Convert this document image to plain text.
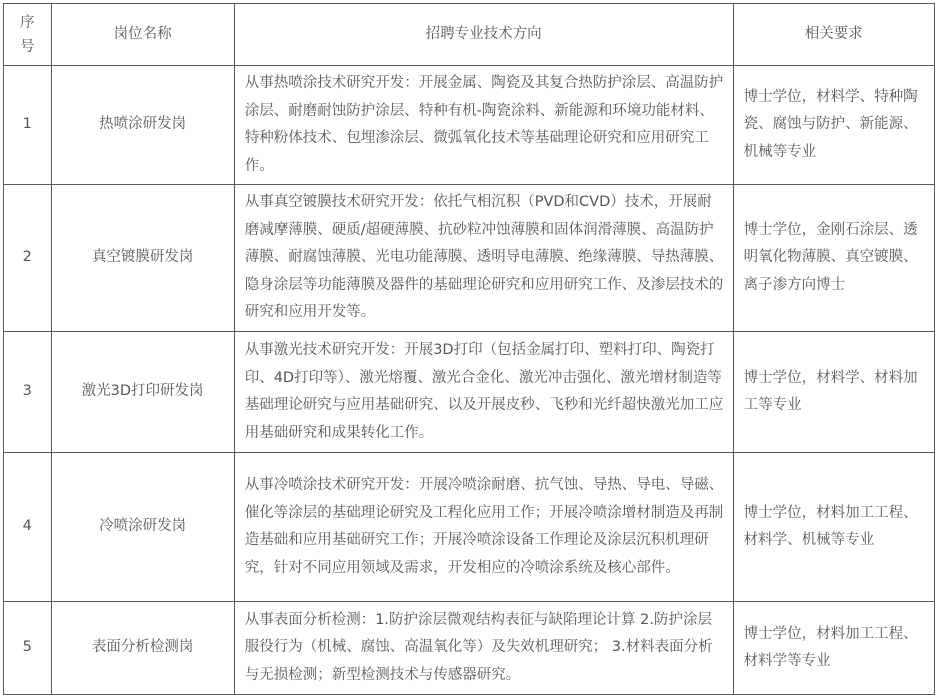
序
号	岗位名称	招聘专业技术方向	相关要求
1	热喷涂研发岗	从事热喷涂技术研究开发：开展金属、陶瓷及其复合热防护涂层、高温防护涂层、耐磨耐蚀防护涂层、特种有机-陶瓷涂料、新能源和环境功能材料、特种粉体技术、包埋渗涂层、微弧氧化技术等基础理论研究和应用研究工作。	博士学位，材料学、特种陶瓷、腐蚀与防护、新能源、机械等专业
2	真空镀膜研发岗	从事真空镀膜技术研究开发：依托气相沉积（PVD和CVD）技术，开展耐磨减摩薄膜、硬质/超硬薄膜、抗砂粒冲蚀薄膜和固体润滑薄膜、高温防护薄膜、耐腐蚀薄膜、光电功能薄膜、透明导电薄膜、绝缘薄膜、导热薄膜、隐身涂层等功能薄膜及器件的基础理论研究和应用研究工作、及渗层技术的研究和应用开发等。	博士学位，金刚石涂层、透明氧化物薄膜、真空镀膜、离子渗方向博士
3	激光3D打印研发岗	从事激光技术研究开发：开展3D打印（包括金属打印、塑料打印、陶瓷打印、4D打印等）、激光熔覆、激光合金化、激光冲击强化、激光增材制造等基础理论研究与应用基础研究、以及开展皮秒、飞秒和光纤超快激光加工应用基础研究和成果转化工作。	博士学位，材料学、材料加工等专业
4	冷喷涂研发岗	从事冷喷涂技术研究开发：开展冷喷涂耐磨、抗气蚀、导热、导电、导磁、催化等涂层的基础理论研究及工程化应用工作；开展冷喷涂增材制造及再制造基础和应用基础研究工作；开展冷喷涂设备工作理论及涂层沉积机理研究，针对不同应用领域及需求，开发相应的冷喷涂系统及核心部件。	博士学位，材料加工工程、材料学、机械等专业
5	表面分析检测岗	从事表面分析检测：1.防护涂层微观结构表征与缺陷理论计算 2.防护涂层服役行为（机械、腐蚀、高温氧化等）及失效机理研究； 3.材料表面分析与无损检测；新型检测技术与传感器研究。	博士学位，材料加工工程、材料学等专业
